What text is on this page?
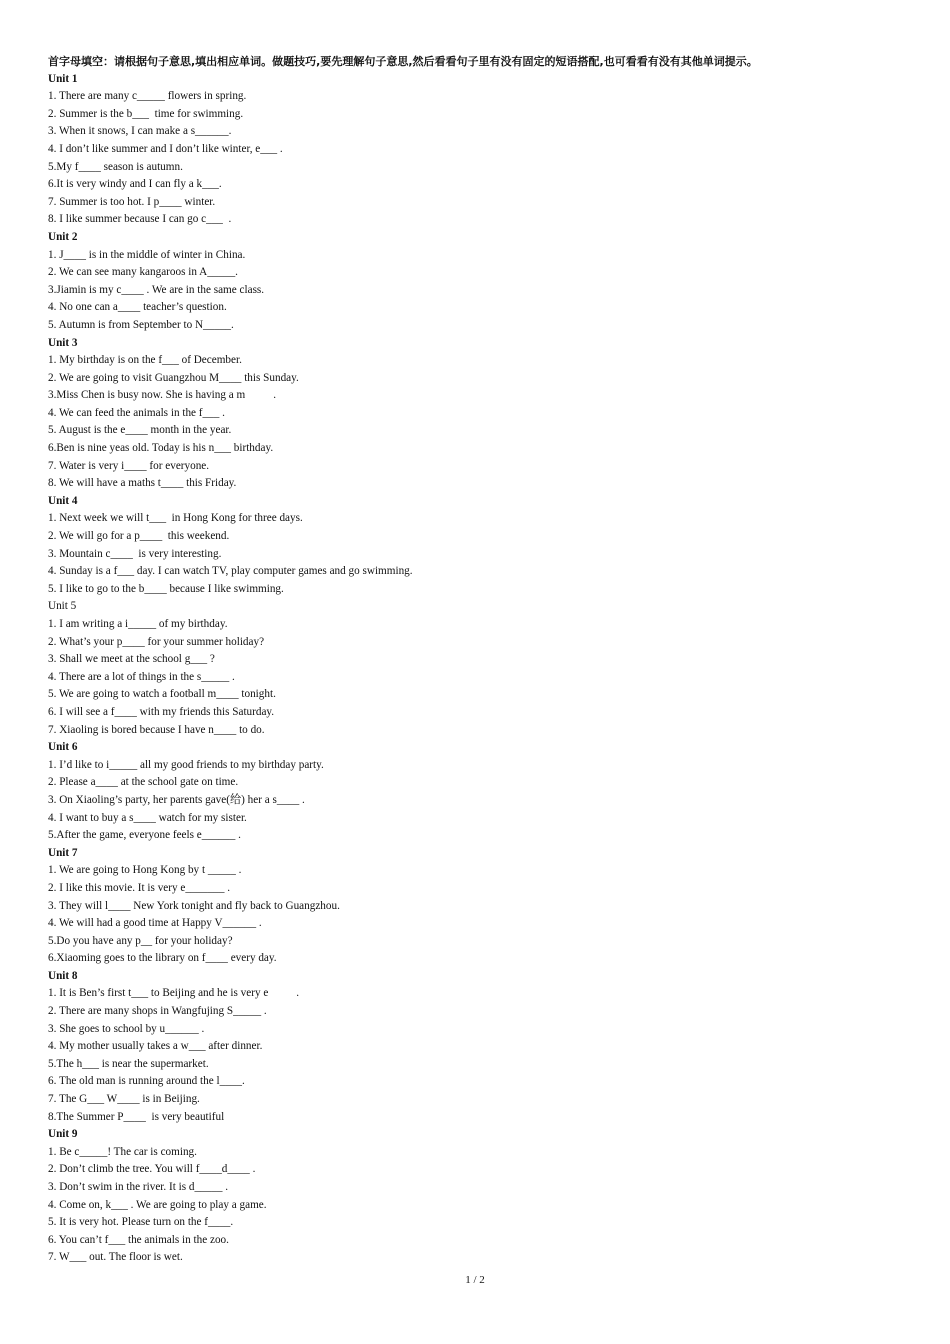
首字母填空：请根据句子意思,填出相应单词。做题技巧,要先理解句子意思,然后看看句子里有没有固定的短语搭配,也可看看有没有其他单词提示。
Unit 1
1. There are many c_____ flowers in spring.
2. Summer is the b___  time for swimming.
3. When it snows, I can make a s______.
4. I don’t like summer and I don’t like winter, e___ .
5.My f____ season is autumn.
6.It is very windy and I can fly a k___.
7. Summer is too hot. I p____ winter.
8. I like summer because I can go c___  .
Unit 2
1. J____ is in the middle of winter in China.
2. We can see many kangaroos in A_____.
3.Jiamin is my c____ . We are in the same class.
4. No one can a____ teacher’s question.
5. Autumn is from September to N_____.
Unit 3
1. My birthday is on the f___ of December.
2. We are going to visit Guangzhou M____ this Sunday.
3.Miss Chen is busy now. She is having a m          .
4. We can feed the animals in the f___ .
5. August is the e____ month in the year.
6.Ben is nine yeas old. Today is his n___ birthday.
7. Water is very i____ for everyone.
8. We will have a maths t____ this Friday.
Unit 4
1. Next week we will t___  in Hong Kong for three days.
2. We will go for a p____  this weekend.
3. Mountain c____  is very interesting.
4. Sunday is a f___ day. I can watch TV, play computer games and go swimming.
5. I like to go to the b____ because I like swimming.
Unit 5
1. I am writing a i_____ of my birthday.
2. What’s your p____ for your summer holiday?
3. Shall we meet at the school g___ ?
4. There are a lot of things in the s_____ .
5. We are going to watch a football m____ tonight.
6. I will see a f____ with my friends this Saturday.
7. Xiaoling is bored because I have n____ to do.
Unit 6
1. I’d like to i_____ all my good friends to my birthday party.
2. Please a____ at the school gate on time.
3. On Xiaoling’s party, her parents gave(给) her a s____ .
4. I want to buy a s____ watch for my sister.
5.After the game, everyone feels e______ .
Unit 7
1. We are going to Hong Kong by t _____ .
2. I like this movie. It is very e_______ .
3. They will l____ New York tonight and fly back to Guangzhou.
4. We will had a good time at Happy V______ .
5.Do you have any p__ for your holiday?
6.Xiaoming goes to the library on f____ every day.
Unit 8
1. It is Ben’s first t___ to Beijing and he is very e          .
2. There are many shops in Wangfujing S_____ .
3. She goes to school by u______ .
4. My mother usually takes a w___ after dinner.
5.The h___ is near the supermarket.
6. The old man is running around the l____.
7. The G___ W____ is in Beijing.
8.The Summer P____  is very beautiful
Unit 9
1. Be c_____! The car is coming.
2. Don’t climb the tree. You will f____d____ .
3. Don’t swim in the river. It is d_____ .
4. Come on, k___ . We are going to play a game.
5. It is very hot. Please turn on the f____.
6. You can’t f___ the animals in the zoo.
7. W___ out. The floor is wet.
1 / 2
